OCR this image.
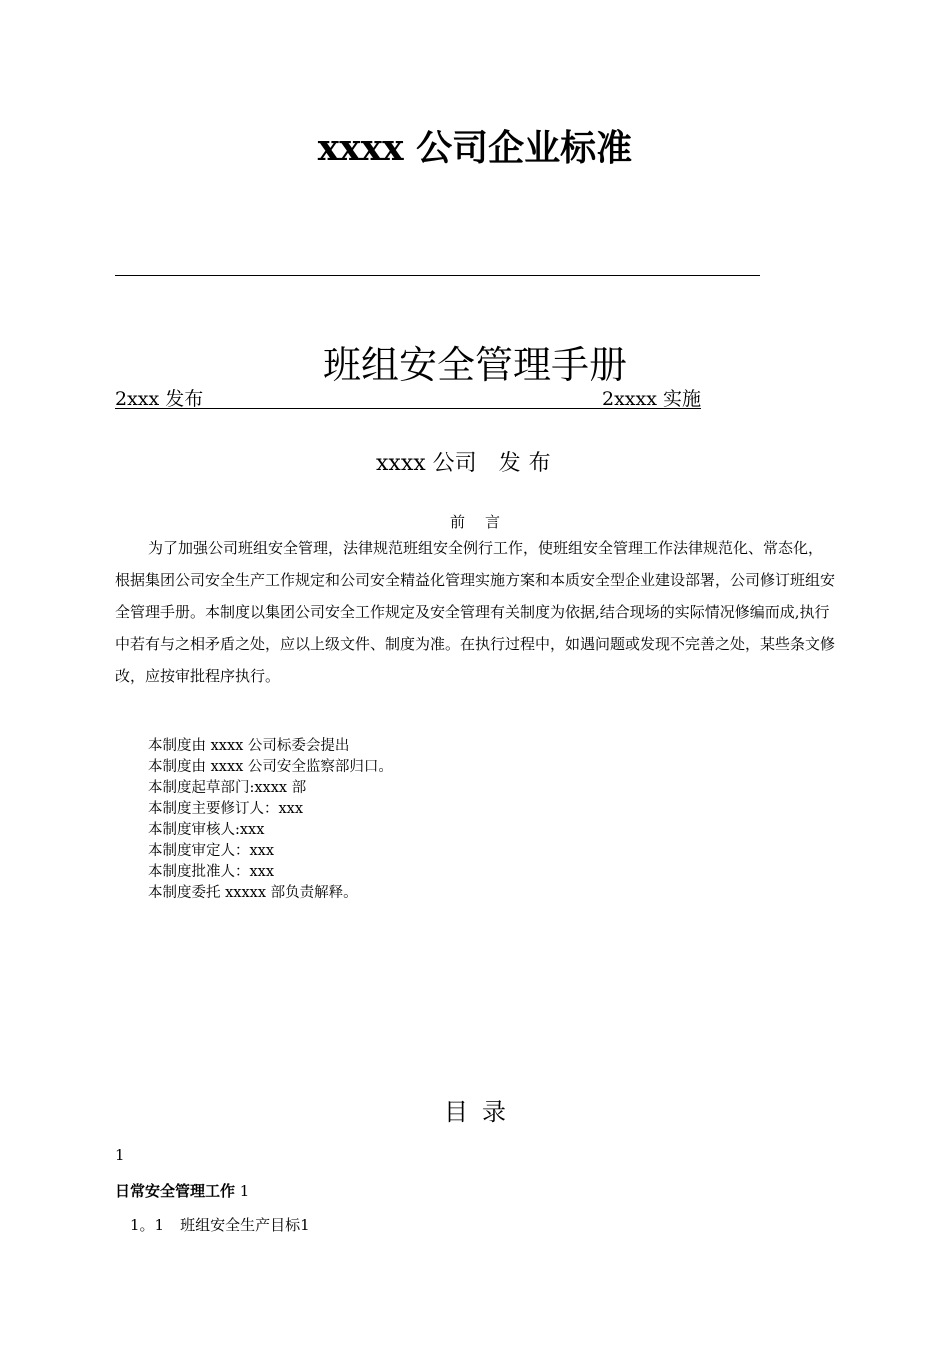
xxxx 公司企业标准
班组安全管理手册
2xxx 发布	2xxxx 实施
xxxx 公司 发布
前言

为了加强公司班组安全管理，法律规范班组安全例行工作，使班组安全管理工作法律规范化、常态化，根据集团公司安全生产工作规定和公司安全精益化管理实施方案和本质安全型企业建设部署，公司修订班组安全管理手册。本制度以集团公司安全工作规定及安全管理有关制度为依据,结合现场的实际情况修编而成,执行中若有与之相矛盾之处，应以上级文件、制度为准。在执行过程中，如遇问题或发现不完善之处，某些条文修改，应按审批程序执行。

本制度由 xxxx 公司标委会提出
本制度由 xxxx 公司安全监察部归口。
本制度起草部门:xxxx 部
本制度主要修订人：xxx
本制度审核人:xxx
本制度审定人：xxx
本制度批准人：xxx
本制度委托 xxxxx 部负责解释。
目录
1
日常安全管理工作 1
1。1 班组安全生产目标1
